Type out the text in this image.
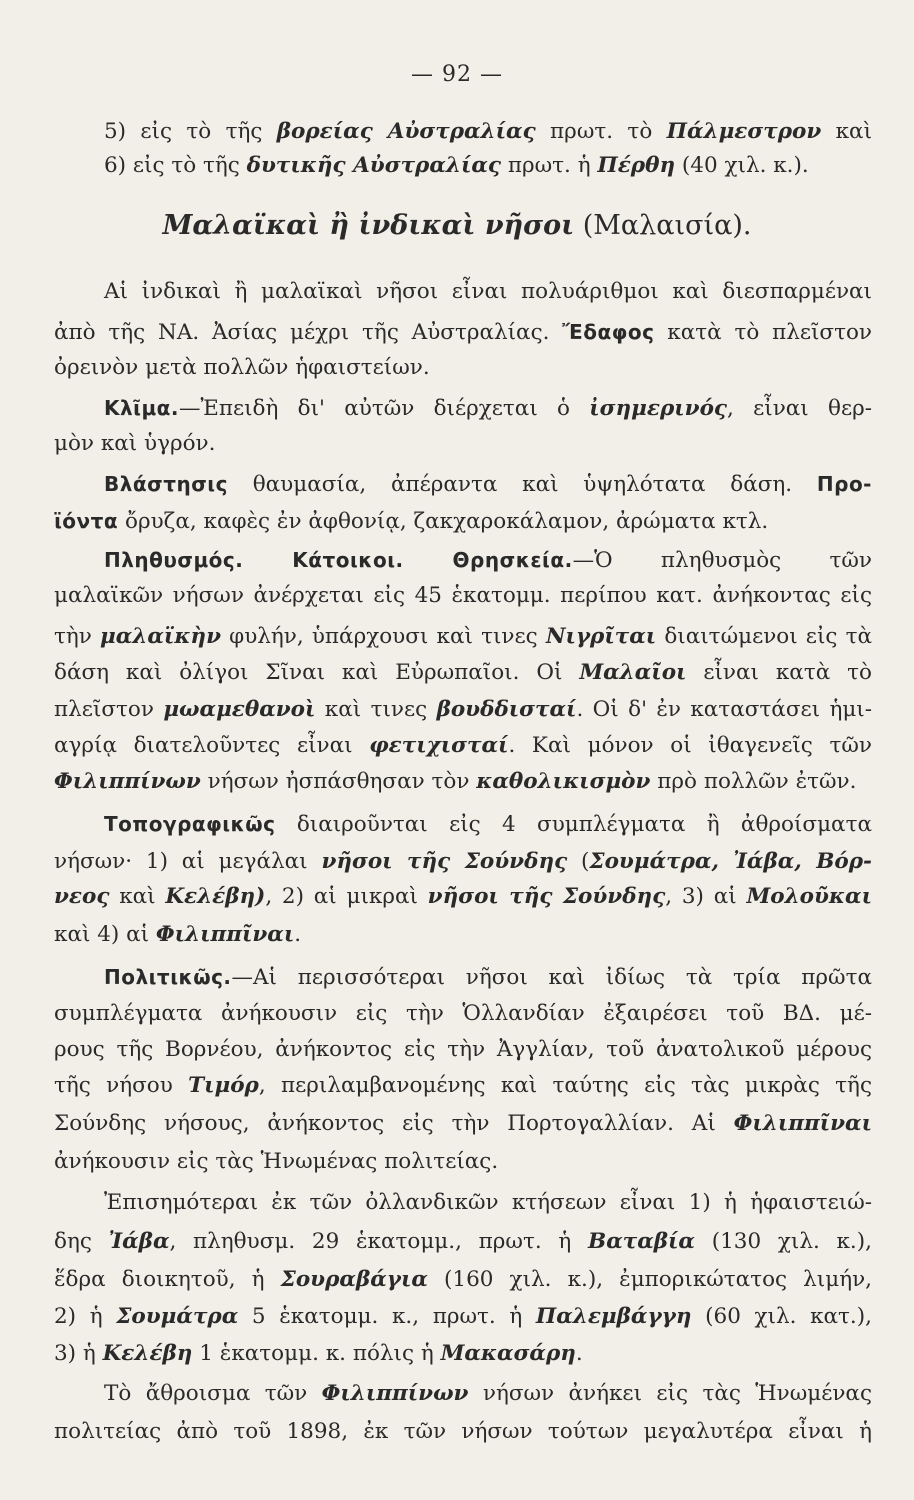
— 92 —
5) εἰς τὸ τῆς βορείας Αὐστραλίας πρωτ. τὸ Πάλμεστρον καὶ
6) εἰς τὸ τῆς δυτικῆς Αὐστραλίας πρωτ. ἡ Πέρθη (40 χιλ. κ.).
Μαλαϊκαὶ ἢ ἰνδικαὶ νῆσοι (Μαλαισία).
Αἱ ἰνδικαὶ ἢ μαλαϊκαὶ νῆσοι εἶναι πολυάριθμοι καὶ διεσπαρμέναι
ἀπὸ τῆς ΝΑ. Ἀσίας μέχρι τῆς Αὐστραλίας. Ἔδαφος κατὰ τὸ πλεῖστον
ὀρεινὸν μετὰ πολλῶν ἡφαιστείων.
Κλῖμα.—Ἐπειδὴ δι' αὐτῶν διέρχεται ὁ ἰσημερινός, εἶναι θερ-
μὸν καὶ ὑγρόν.
Βλάστησις θαυμασία, ἀπέραντα καὶ ὑψηλότατα δάση. Προ-
ϊόντα ὄρυζα, καφὲς ἐν ἀφθονίᾳ, ζακχαροκάλαμον, ἀρώματα κτλ.
Πληθυσμός. Κάτοικοι. Θρησκεία.—Ὁ πληθυσμὸς τῶν
μαλαϊκῶν νήσων ἀνέρχεται εἰς 45 ἑκατομμ. περίπου κατ. ἀνήκοντας εἰς
τὴν μαλαϊκὴν φυλήν, ὑπάρχουσι καὶ τινες Νιγρῖται διαιτώμενοι εἰς τὰ
δάση καὶ ὀλίγοι Σῖναι καὶ Εὐρωπαῖοι. Οἱ Μαλαῖοι εἶναι κατὰ τὸ
πλεῖστον μωαμεθανοὶ καὶ τινες βουδδισταί. Οἱ δ' ἐν καταστάσει ἡμι-
αγρίᾳ διατελοῦντες εἶναι φετιχισταί. Καὶ μόνον οἱ ἰθαγενεῖς τῶν
Φιλιππίνων νήσων ἠσπάσθησαν τὸν καθολικισμὸν πρὸ πολλῶν ἐτῶν.
Τοπογραφικῶς διαιροῦνται εἰς 4 συμπλέγματα ἢ ἀθροίσματα
νήσων· 1) αἱ μεγάλαι νῆσοι τῆς Σούνδης (Σουμάτρα, Ἰάβα, Βόρ-
νεος καὶ Κελέβη), 2) αἱ μικραὶ νῆσοι τῆς Σούνδης, 3) αἱ Μολοῦκαι
καὶ 4) αἱ Φιλιππῖναι.
Πολιτικῶς.—Αἱ περισσότεραι νῆσοι καὶ ἰδίως τὰ τρία πρῶτα
συμπλέγματα ἀνήκουσιν εἰς τὴν Ὁλλανδίαν ἐξαιρέσει τοῦ ΒΔ. μέ-
ρους τῆς Βορνέου, ἀνήκοντος εἰς τὴν Ἀγγλίαν, τοῦ ἀνατολικοῦ μέρους
τῆς νήσου Τιμόρ, περιλαμβανομένης καὶ ταύτης εἰς τὰς μικρὰς τῆς
Σούνδης νήσους, ἀνήκοντος εἰς τὴν Πορτογαλλίαν. Αἱ Φιλιππῖναι
ἀνήκουσιν εἰς τὰς Ἡνωμένας πολιτείας.
Ἐπισημότεραι ἐκ τῶν ὀλλανδικῶν κτήσεων εἶναι 1) ἡ ἡφαιστειώ-
δης Ἰάβα, πληθυσμ. 29 ἑκατομμ., πρωτ. ἡ Βαταβία (130 χιλ. κ.),
ἕδρα διοικητοῦ, ἡ Σουραβάγια (160 χιλ. κ.), ἐμπορικώτατος λιμήν,
2) ἡ Σουμάτρα 5 ἑκατομμ. κ., πρωτ. ἡ Παλεμβάγγη (60 χιλ. κατ.),
3) ἡ Κελέβη 1 ἑκατομμ. κ. πόλις ἡ Μακασάρη.
Τὸ ἄθροισμα τῶν Φιλιππίνων νήσων ἀνήκει εἰς τὰς Ἡνωμένας
πολιτείας ἀπὸ τοῦ 1898, ἐκ τῶν νήσων τούτων μεγαλυτέρα εἶναι ἡ
